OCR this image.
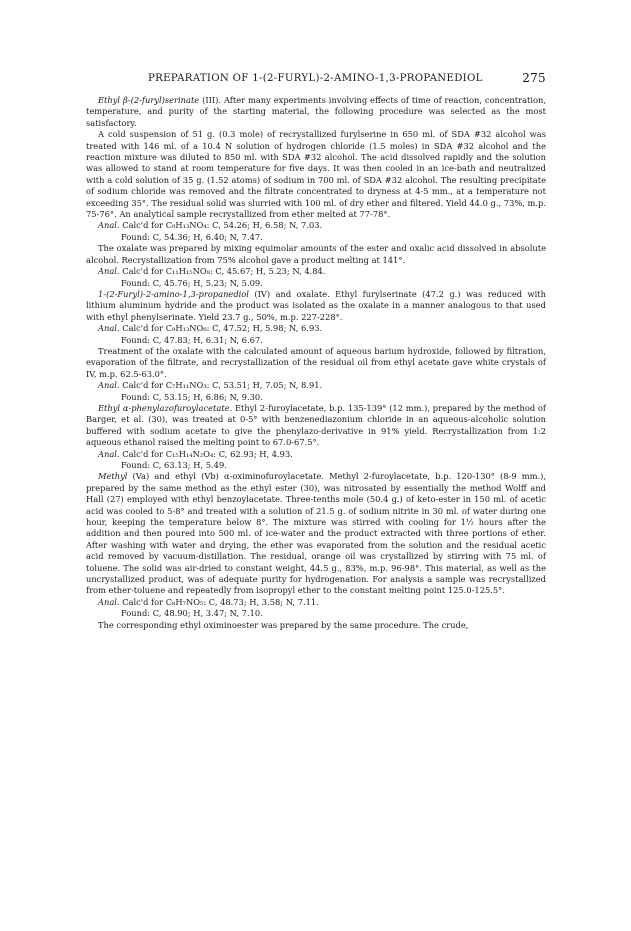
PREPARATION OF 1-(2-FURYL)-2-AMINO-1,3-PROPANEDIOL	275

Ethyl β-(2-furyl)serinate (III). After many experiments involving effects of time of reaction, concentration, temperature, and purity of the starting material, the following procedure was selected as the most satisfactory.

A cold suspension of 51 g. (0.3 mole) of recrystallized furylserine in 650 ml. of SDA #32 alcohol was treated with 146 ml. of a 10.4 N solution of hydrogen chloride (1.5 moles) in SDA #32 alcohol and the reaction mixture was diluted to 850 ml. with SDA #32 alcohol. The acid dissolved rapidly and the solution was allowed to stand at room temperature for five days. It was then cooled in an ice-bath and neutralized with a cold solution of 35 g. (1.52 atoms) of sodium in 700 ml. of SDA #32 alcohol. The resulting precipitate of sodium chloride was removed and the filtrate concentrated to dryness at 4-5 mm., at a temperature not exceeding 35°. The residual solid was slurried with 100 ml. of dry ether and filtered. Yield 44.0 g., 73%, m.p. 75-76°. An analytical sample recrystallized from ether melted at 77-78°.

Anal. Calc'd for C₉H₁₃NO₄: C, 54.26; H, 6.58; N, 7.03.

Found: C, 54.36; H, 6.40; N, 7.47.

The oxalate was prepared by mixing equimolar amounts of the ester and oxalic acid dissolved in absolute alcohol. Recrystallization from 75% alcohol gave a product melting at 141°.

Anal. Calc'd for C₁₁H₁₅NO₈: C, 45.67; H, 5.23; N, 4.84.

Found: C, 45.76; H, 5.23; N, 5.09.

1-(2-Furyl)-2-amino-1,3-propanediol (IV) and oxalate. Ethyl furylserinate (47.2 g.) was reduced with lithium aluminum hydride and the product was isolated as the oxalate in a manner analogous to that used with ethyl phenylserinate. Yield 23.7 g., 50%, m.p. 227-228°.

Anal. Calc'd for C₉H₁₃NO₆: C, 47.52; H, 5.98; N, 6.93.

Found: C, 47.83; H, 6.31; N, 6.67.

Treatment of the oxalate with the calculated amount of aqueous barium hydroxide, followed by filtration, evaporation of the filtrate, and recrystallization of the residual oil from ethyl acetate gave white crystals of IV, m.p. 62.5-63.0°.

Anal. Calc'd for C₇H₁₁NO₃: C, 53.51; H, 7.05; N, 8.91.

Found: C, 53.15; H, 6.86; N, 9.30.

Ethyl α-phenylazofuroylacetate. Ethyl 2-furoylacetate, b.p. 135-139° (12 mm.), prepared by the method of Barger, et al. (30), was treated at 0-5° with benzenediazonium chloride in an aqueous-alcoholic solution buffered with sodium acetate to give the phenylazo-derivative in 91% yield. Recrystallization from 1:2 aqueous ethanol raised the melting point to 67.0-67.5°.

Anal. Calc'd for C₁₅H₁₄N₂O₄: C, 62.93; H, 4.93.

Found: C, 63.13; H, 5.49.

Methyl (Va) and ethyl (Vb) α-oximinofuroylacetate. Methyl 2-furoylacetate, b.p. 120-130° (8-9 mm.), prepared by the same method as the ethyl ester (30), was nitrosated by essentially the method Wolff and Hall (27) employed with ethyl benzoylacetate. Three-tenths mole (50.4 g.) of keto-ester in 150 ml. of acetic acid was cooled to 5-8° and treated with a solution of 21.5 g. of sodium nitrite in 30 ml. of water during one hour, keeping the temperature below 8°. The mixture was stirred with cooling for 1½ hours after the addition and then poured into 500 ml. of ice-water and the product extracted with three portions of ether. After washing with water and drying, the ether was evaporated from the solution and the residual acetic acid removed by vacuum-distillation. The residual, orange oil was crystallized by stirring with 75 ml. of toluene. The solid was air-dried to constant weight, 44.5 g., 83%, m.p. 96-98°. This material, as well as the uncrystallized product, was of adequate purity for hydrogenation. For analysis a sample was recrystallized from ether-toluene and repeatedly from isopropyl ether to the constant melting point 125.0-125.5°.

Anal. Calc'd for C₈H₇NO₅: C, 48.73; H, 3.58; N, 7.11.

Found: C, 48.90; H, 3.47; N, 7.10.

The corresponding ethyl oximinoester was prepared by the same procedure. The crude,
